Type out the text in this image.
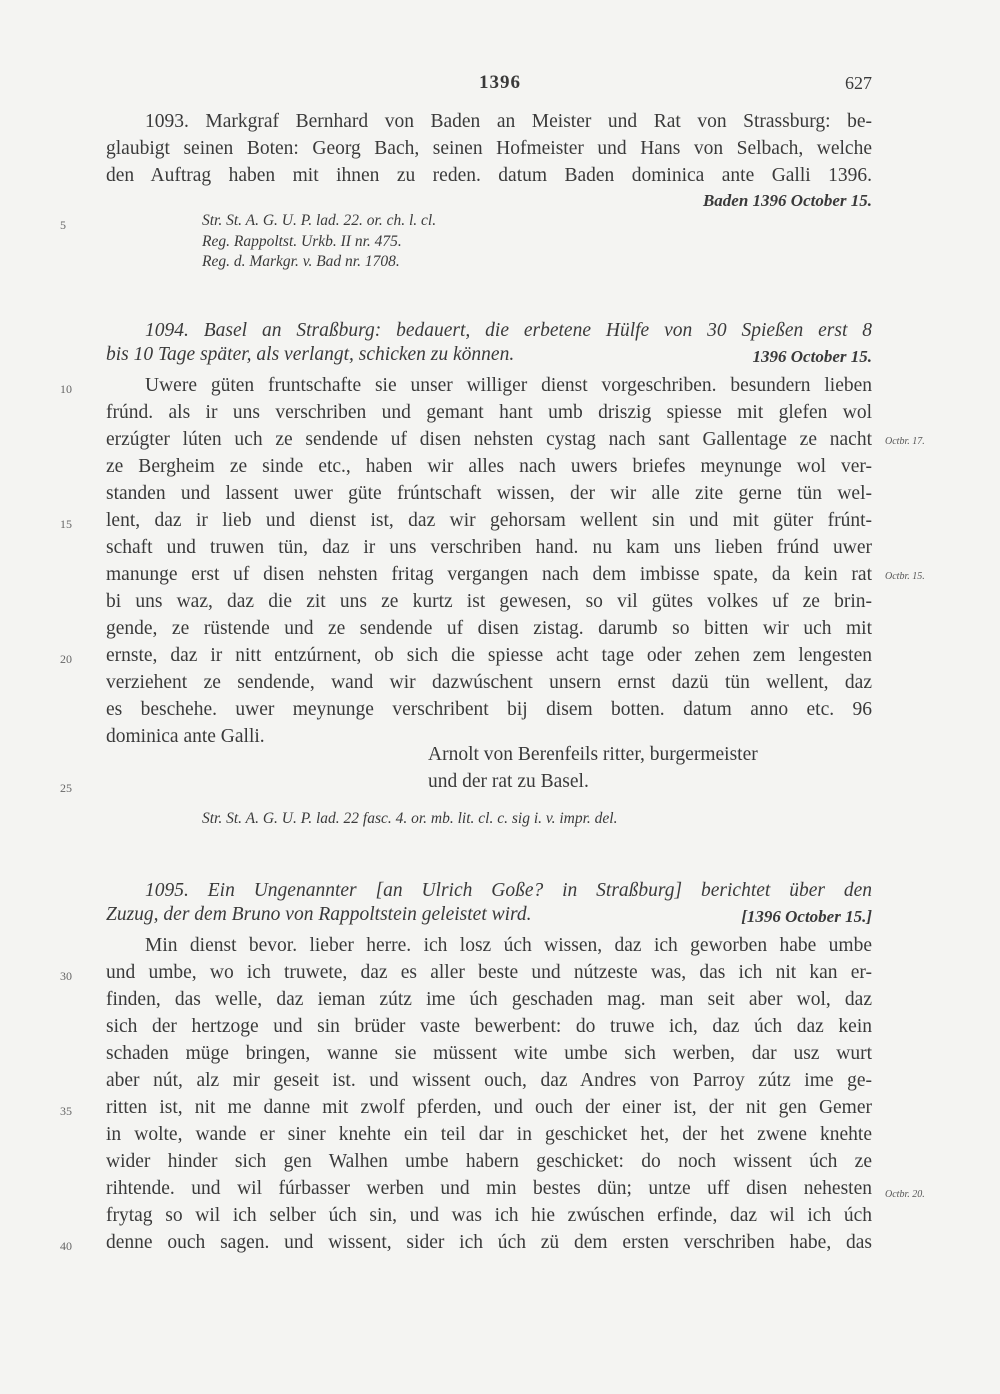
1396	627
1093. Markgraf Bernhard von Baden an Meister und Rat von Strassburg: be-
glaubigt seinen Boten: Georg Bach, seinen Hofmeister und Hans von Selbach, welche
den Auftrag haben mit ihnen zu reden. datum Baden dominica ante Galli 1396.
Baden 1396 October 15.
Str. St. A. G. U. P. lad. 22. or. ch. l. cl.
Reg. Rappoltst. Urkb. II nr. 475.
Reg. d. Markgr. v. Bad nr. 1708.
1094. Basel an Straßburg: bedauert, die erbetene Hülfe von 30 Spießen erst 8
bis 10 Tage später, als verlangt, schicken zu können.	1396 October 15.
Uwere güten fruntschafte sie unser williger dienst vorgeschriben. besundern lieben
frúnd. als ir uns verschriben und gemant hant umb driszig spiesse mit glefen wol
erzúgter lúten uch ze sendende uf disen nehsten cystag nach sant Gallentage ze nacht
ze Bergheim ze sinde etc., haben wir alles nach uwers briefes meynunge wol ver-
standen und lassent uwer güte frúntschaft wissen, der wir alle zite gerne tün wel-
lent, daz ir lieb und dienst ist, daz wir gehorsam wellent sin und mit güter frúnt-
schaft und truwen tün, daz ir uns verschriben hand. nu kam uns lieben frúnd uwer
manunge erst uf disen nehsten fritag vergangen nach dem imbisse spate, da kein rat
bi uns waz, daz die zit uns ze kurtz ist gewesen, so vil gütes volkes uf ze brin-
gende, ze rüstende und ze sendende uf disen zistag. darumb so bitten wir uch mit
ernste, daz ir nitt entzúrnent, ob sich die spiesse acht tage oder zehen zem lengesten
verziehent ze sendende, wand wir dazwúschent unsern ernst dazü tün wellent, daz
es beschehe. uwer meynunge verschribent bij disem botten. datum anno etc. 96
dominica ante Galli.
Arnolt von Berenfeils ritter, burgermeister
und der rat zu Basel.
Str. St. A. G. U. P. lad. 22 fasc. 4. or. mb. lit. cl. c. sig i. v. impr. del.
1095. Ein Ungenannter [an Ulrich Goße? in Straßburg] berichtet über den
Zuzug, der dem Bruno von Rappoltstein geleistet wird.	[1396 October 15.]
Min dienst bevor. lieber herre. ich losz úch wissen, daz ich geworben habe umbe
und umbe, wo ich truwete, daz es aller beste und nútzeste was, das ich nit kan er-
finden, das welle, daz ieman zútz ime úch geschaden mag. man seit aber wol, daz
sich der hertzoge und sin brüder vaste bewerbent: do truwe ich, daz úch daz kein
schaden müge bringen, wanne sie müssent wite umbe sich werben, dar usz wurt
aber nút, alz mir geseit ist. und wissent ouch, daz Andres von Parroy zútz ime ge-
ritten ist, nit me danne mit zwolf pferden, und ouch der einer ist, der nit gen Gemer
in wolte, wande er siner knehte ein teil dar in geschicket het, der het zwene knehte
wider hinder sich gen Walhen umbe habern geschicket: do noch wissent úch ze
rihtende. und wil fúrbasser werben und min bestes dün; untze uff disen nehesten
frytag so wil ich selber úch sin, und was ich hie zwúschen erfinde, daz wil ich úch
denne ouch sagen. und wissent, sider ich úch zü dem ersten verschriben habe, das
5
10
15
20
25
30
35
40
Octbr. 17.
Octbr. 15.
Octbr. 20.
